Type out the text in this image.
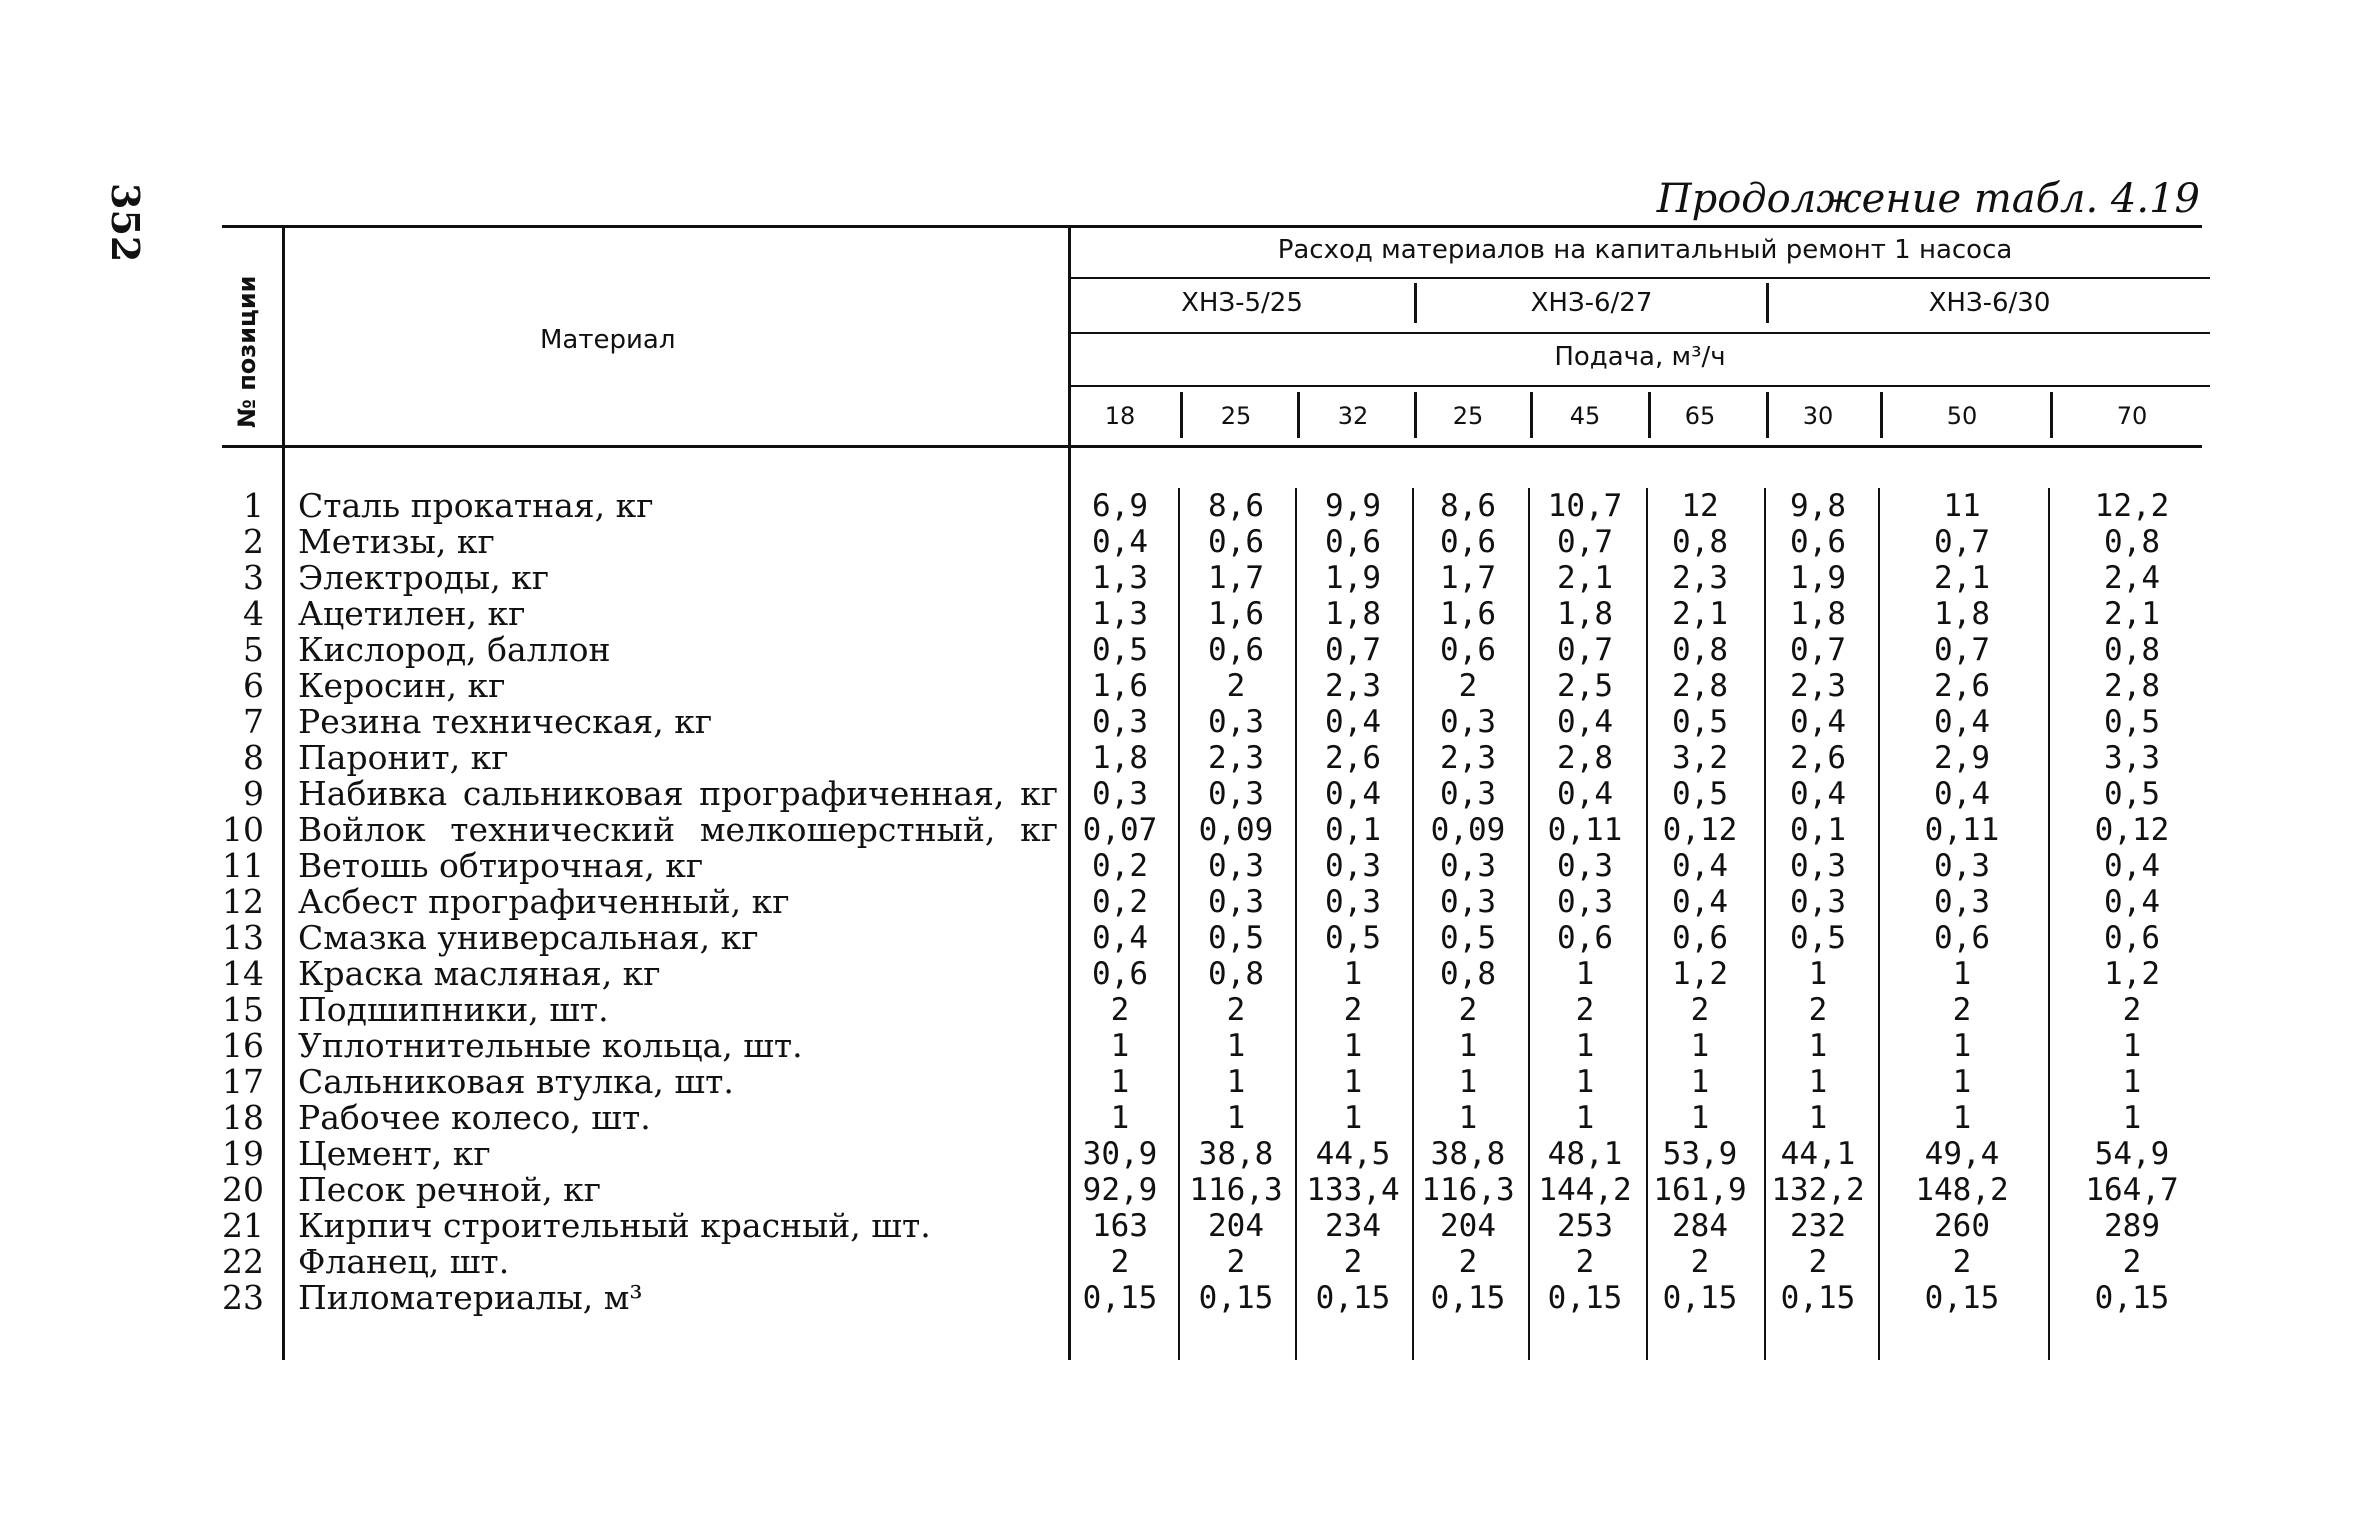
352	Продолжение табл. 4.19
№ позиции	Материал
Расход материалов на капитальный ремонт 1 насоса
ХНЗ-5/25	ХНЗ-6/27	ХНЗ-6/30
Подача, м³/ч
18	25	32	25	45	65	30	50	70
1 Сталь прокатная, кг	6,9	8,6	9,9	8,6	10,7	12	9,8	11	12,2
2 Метизы, кг	0,4	0,6	0,6	0,6	0,7	0,8	0,6	0,7	0,8
3 Электроды, кг	1,3	1,7	1,9	1,7	2,1	2,3	1,9	2,1	2,4
4 Ацетилен, кг	1,3	1,6	1,8	1,6	1,8	2,1	1,8	1,8	2,1
5 Кислород, баллон	0,5	0,6	0,7	0,6	0,7	0,8	0,7	0,7	0,8
6 Керосин, кг	1,6	2	2,3	2	2,5	2,8	2,3	2,6	2,8
7 Резина техническая, кг	0,3	0,3	0,4	0,3	0,4	0,5	0,4	0,4	0,5
8 Паронит, кг	1,8	2,3	2,6	2,3	2,8	3,2	2,6	2,9	3,3
9 Набивка сальниковая прографиченная, кг	0,3	0,3	0,4	0,3	0,4	0,5	0,4	0,4	0,5
10 Войлок технический мелкошерстный, кг 0,07	0,09	0,1	0,09	0,11	0,12	0,1	0,11	0,12
11 Ветошь обтирочная, кг	0,2	0,3	0,3	0,3	0,3	0,4	0,3	0,3	0,4
12 Асбест прографиченный, кг	0,2	0,3	0,3	0,3	0,3	0,4	0,3	0,3	0,4
13 Смазка универсальная, кг	0,4	0,5	0,5	0,5	0,6	0,6	0,5	0,6	0,6
14 Краска масляная, кг	0,6	0,8	1	0,8	1	1,2	1	1	1,2
15 Подшипники, шт.	2	2	2	2	2	2	2	2	2
16 Уплотнительные кольца, шт.	1	1	1	1	1	1	1	1	1
17 Сальниковая втулка, шт.	1	1	1	1	1	1	1	1	1
18 Рабочее колесо, шт.	1	1	1	1	1	1	1	1	1
19 Цемент, кг	30,9	38,8	44,5	38,8	48,1	53,9	44,1	49,4	54,9
20 Песок речной, кг	92,9	116,3 133,4 116,3 144,2 161,9 132,2 148,2 164,7
21 Кирпич строительный красный, шт.	163	204	234	204	253	284	232	260	289
22 Фланец, шт.	2	2	2	2	2	2	2	2	2
23 Пиломатериалы, м³	0,15	0,15	0,15	0,15	0,15	0,15	0,15	0,15	0,15
